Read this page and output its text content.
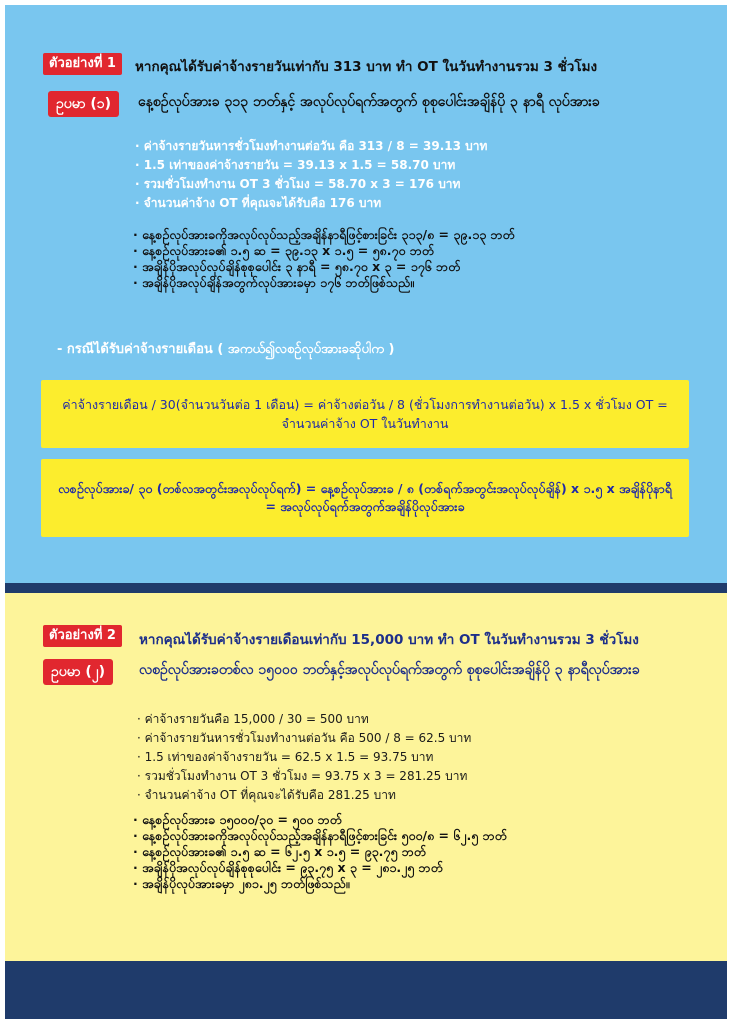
ตัวอย่างที่ 1	หากคุณได้รับค่าจ้างรายวันเท่ากับ 313 บาท ทำ OT ในวันทำงานรวม 3 ชั่วโมง
ဥပမာ (၁)	နေ့စဉ်လုပ်အားခ ၃၁၃ ဘတ်နှင့် အလုပ်လုပ်ရက်အတွက် စုစုပေါင်းအချိန်ပို ၃ နာရီ လုပ်အားခ
· ค่าจ้างรายวันหารชั่วโมงทำงานต่อวัน คือ 313 / 8 = 39.13 บาท
· 1.5 เท่าของค่าจ้างรายวัน = 39.13 x 1.5 = 58.70 บาท
· รวมชั่วโมงทำงาน OT 3 ชั่วโมง = 58.70 x 3 = 176 บาท
· จำนวนค่าจ้าง OT ที่คุณจะได้รับคือ 176 บาท
· နေ့စဉ်လုပ်အားခကိုအလုပ်လုပ်သည့်အချိန်နာရီဖြင့်စားခြင်း ၃၁၃/၈ = ၃၉.၁၃ ဘတ်
· နေ့စဉ်လုပ်အားခ၏ ၁.၅ ဆ = ၃၉.၁၃ x ၁.၅ = ၅၈.၇၀ ဘတ်
· အချိန်ပိုအလုပ်လုပ်ချိန်စုစုပေါင်း ၃ နာရီ = ၅၈.၇၀ x ၃ = ၁၇၆ ဘတ်
· အချိန်ပိုအလုပ်ချိန်အတွက်လုပ်အားခမှာ ၁၇၆ ဘတ်ဖြစ်သည်။
- กรณีได้รับค่าจ้างรายเดือน ( အကယ်၍လစဉ်လုပ်အားခဆိုပါက )
ค่าจ้างรายเดือน / 30(จำนวนวันต่อ 1 เดือน) = ค่าจ้างต่อวัน / 8 (ชั่วโมงการทำงานต่อวัน) x 1.5 x ชั่วโมง OT = จำนวนค่าจ้าง OT ในวันทำงาน
လစဉ်လုပ်အားခ/ ၃၀ (တစ်လအတွင်းအလုပ်လုပ်ရက်) = နေ့စဉ်လုပ်အားခ / ၈ (တစ်ရက်အတွင်းအလုပ်လုပ်ချိန်) x ၁.၅ x အချိန်ပိုနာရီ = အလုပ်လုပ်ရက်အတွက်အချိန်ပိုလုပ်အားခ
ตัวอย่างที่ 2	หากคุณได้รับค่าจ้างรายเดือนเท่ากับ 15,000 บาท ทำ OT ในวันทำงานรวม 3 ชั่วโมง
ဥပမာ (၂)	လစဉ်လုပ်အားခတစ်လ ၁၅၀၀၀ ဘတ်နှင့်အလုပ်လုပ်ရက်အတွက် စုစုပေါင်းအချိန်ပို ၃ နာရီလုပ်အားခ
· ค่าจ้างรายวันคือ 15,000 / 30 = 500 บาท
· ค่าจ้างรายวันหารชั่วโมงทำงานต่อวัน คือ 500 / 8 = 62.5 บาท
· 1.5 เท่าของค่าจ้างรายวัน = 62.5 x 1.5 = 93.75 บาท
· รวมชั่วโมงทำงาน OT 3 ชั่วโมง = 93.75 x 3 = 281.25 บาท
· จำนวนค่าจ้าง OT ที่คุณจะได้รับคือ 281.25 บาท
· နေ့စဉ်လုပ်အားခ ၁၅၀၀၀/၃၀ = ၅၀၀ ဘတ်
· နေ့စဉ်လုပ်အားခကိုအလုပ်လုပ်သည့်အချိန်နာရီဖြင့်စားခြင်း ၅၀၀/၈ = ၆၂.၅ ဘတ်
· နေ့စဉ်လုပ်အားခ၏ ၁.၅ ဆ = ၆၂.၅ x ၁.၅ = ၉၃.၇၅ ဘတ်
· အချိန်ပိုအလုပ်လုပ်ချိန်စုစုပေါင်း = ၉၃.၇၅ x ၃ = ၂၈၁.၂၅ ဘတ်
· အချိန်ပိုလုပ်အားခမှာ ၂၈၁.၂၅ ဘတ်ဖြစ်သည်။
